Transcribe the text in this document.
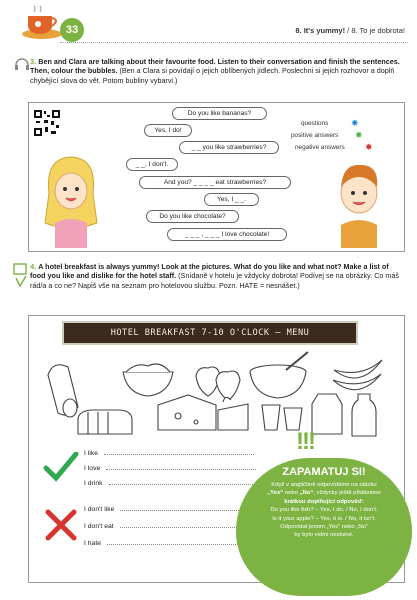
33	8. It's yummy! / 8. To je dobrota!
3. Ben and Clara are talking about their favourite food. Listen to their conversation and finish the sentences. Then, colour the bubbles. (Ben a Clara si povídají o jejich oblíbených jídlech. Poslechni si jejich rozhovor a doplň chybějící slova do vět. Potom bubliny vybarvi.)
Do you like bananas?
Yes, I do!
_ _ you like strawberries?
_ _, I don't.
And you? _ _ _ _ eat strawberries?
Yes, I _ _.
Do you like chocolate?
_ _ _ , _ _ _ I love chocolate!
questions	✸
positive answers ✸
negative answers ✸
4. A hotel breakfast is always yummy! Look at the pictures. What do you like and what not? Make a list of food you like and dislike for the hotel staff. (Snídaně v hotelu je vždycky dobrota! Podívej se na obrázky. Co máš rád/a a co ne? Napiš vše na seznam pro hotelovou službu. Pozn. HATE = nesnášet.)
HOTEL BREAKFAST 7-10 O'CLOCK – MENU
I like
I love
I drink
I don't like
I don't eat
I hate
!!!
ZAPAMATUJ SI!
Když v angličtině odpovídáme na otázku
„Yes“ nebo „No“, vždycky ještě přidáváme
krátkou doplňující odpověď:
Do you like fish? – Yes, I do. / No, I don't.
Is it your apple? – Yes, it is. / No, it isn't.
Odpovídat jenom „Yes“ nebo „No“
by bylo velmi nesluiné.
